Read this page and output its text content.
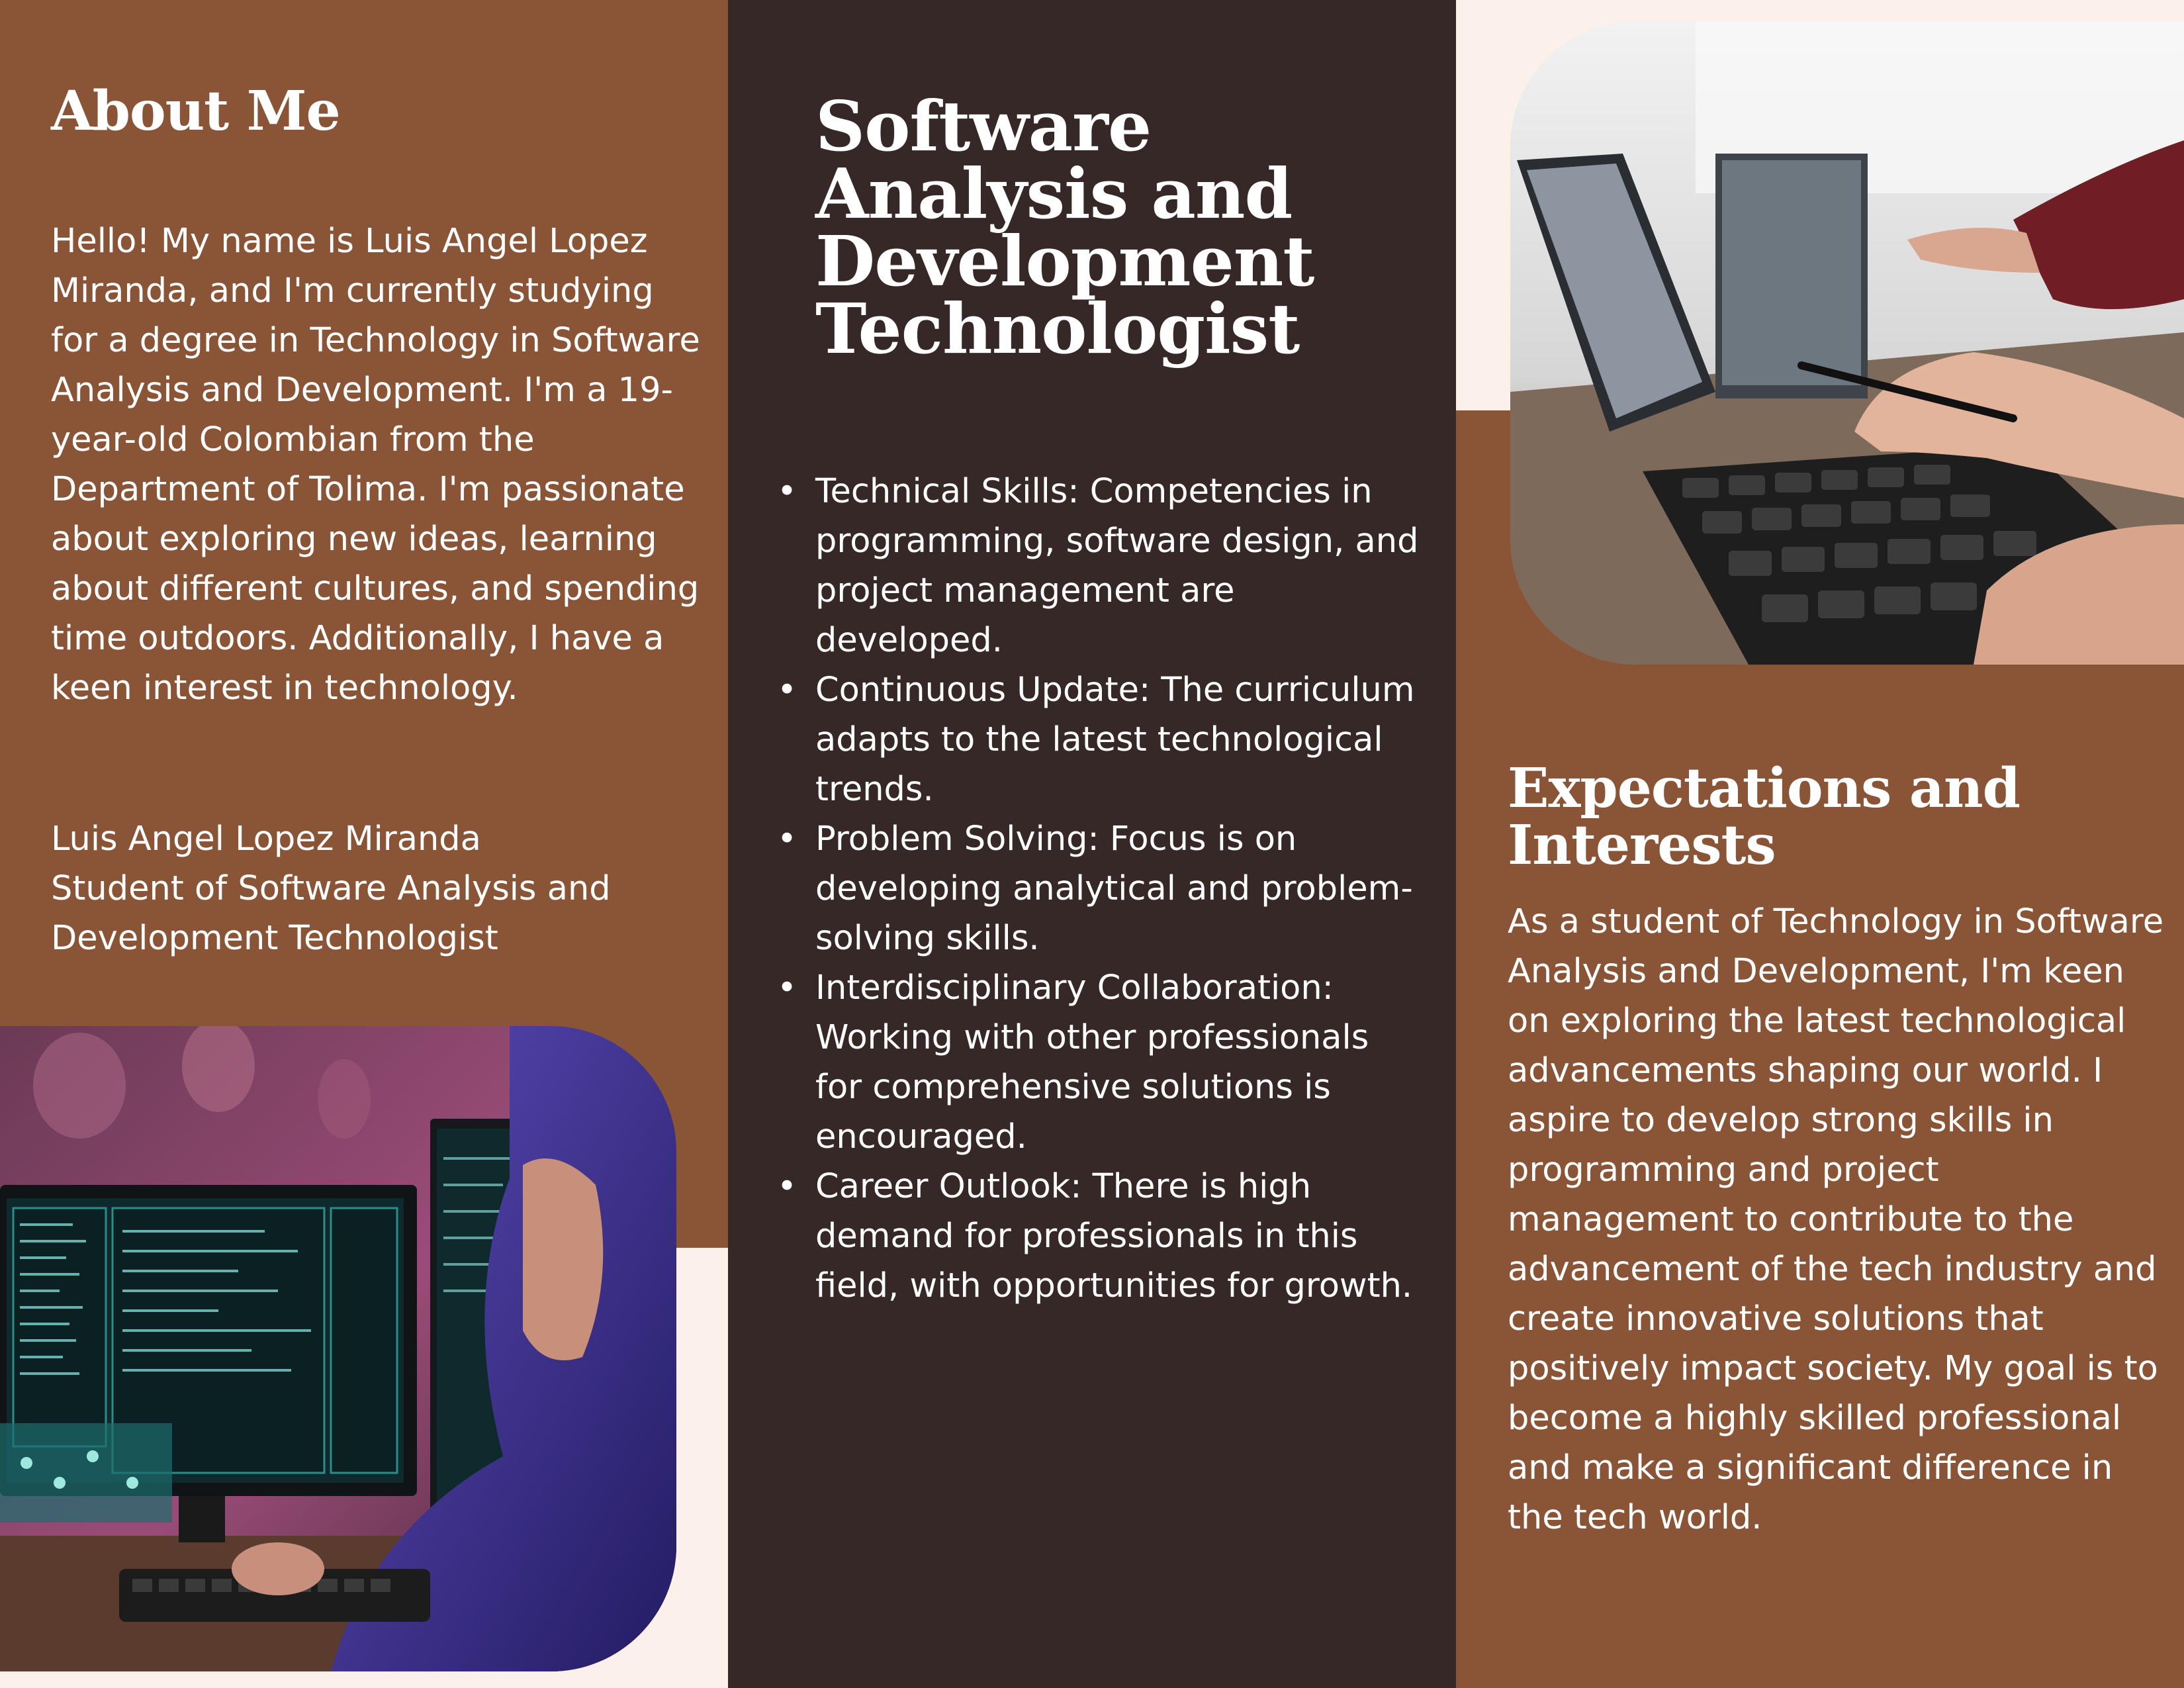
About Me

Hello! My name is Luis Angel Lopez Miranda, and I'm currently studying for a degree in Technology in Software Analysis and Development. I'm a 19-year-old Colombian from the Department of Tolima. I'm passionate about exploring new ideas, learning about different cultures, and spending time outdoors. Additionally, I have a keen interest in technology.

Luis Angel Lopez Miranda
Student of Software Analysis and Development Technologist
Software Analysis and Development Technologist
• Technical Skills: Competencies in programming, software design, and project management are developed.
• Continuous Update: The curriculum adapts to the latest technological trends.
• Problem Solving: Focus is on developing analytical and problem-solving skills.
• Interdisciplinary Collaboration: Working with other professionals for comprehensive solutions is encouraged.
• Career Outlook: There is high demand for professionals in this field, with opportunities for growth.
Expectations and Interests

As a student of Technology in Software Analysis and Development, I'm keen on exploring the latest technological advancements shaping our world. I aspire to develop strong skills in programming and project management to contribute to the advancement of the tech industry and create innovative solutions that positively impact society. My goal is to become a highly skilled professional and make a significant difference in the tech world.
